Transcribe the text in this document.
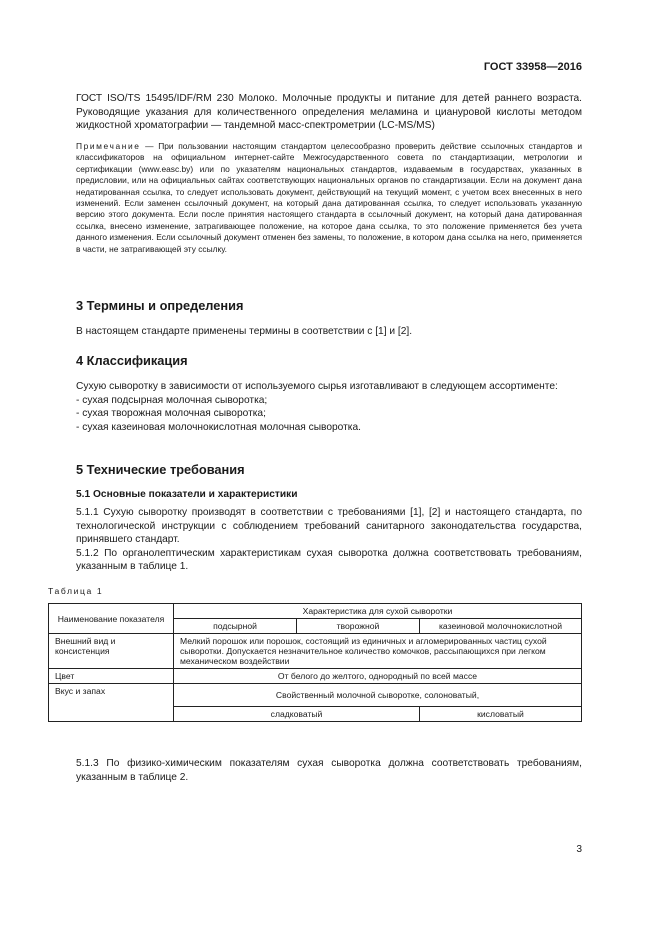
ГОСТ 33958—2016

ГОСТ ISO/TS 15495/IDF/RM 230 Молоко. Молочные продукты и питание для детей раннего возраста. Руководящие указания для количественного определения меламина и циануровой кислоты методом жидкостной хроматографии — тандемной масс-спектрометрии (LC-MS/MS)

Примечание — При пользовании настоящим стандартом целесообразно проверить действие ссылочных стандартов и классификаторов на официальном интернет-сайте Межгосударственного совета по стандартизации, метрологии и сертификации (www.easc.by) или по указателям национальных стандартов, издаваемым в государствах, указанных в предисловии, или на официальных сайтах соответствующих национальных органов по стандартизации. Если на документ дана недатированная ссылка, то следует использовать документ, действующий на текущий момент, с учетом всех внесенных в него изменений. Если заменен ссылочный документ, на который дана датированная ссылка, то следует использовать указанную версию этого документа. Если после принятия настоящего стандарта в ссылочный документ, на который дана датированная ссылка, внесено изменение, затрагивающее положение, на которое дана ссылка, то это положение применяется без учета данного изменения. Если ссылочный документ отменен без замены, то положение, в котором дана ссылка на него, применяется в части, не затрагивающей эту ссылку.

3 Термины и определения

В настоящем стандарте применены термины в соответствии с [1] и [2].

4 Классификация

Сухую сыворотку в зависимости от используемого сырья изготавливают в следующем ассортименте:

- сухая подсырная молочная сыворотка;
- сухая творожная молочная сыворотка;
- сухая казеиновая молочнокислотная молочная сыворотка.

5 Технические требования

5.1 Основные показатели и характеристики

5.1.1 Сухую сыворотку производят в соответствии с требованиями [1], [2] и настоящего стандарта, по технологической инструкции с соблюдением требований санитарного законодательства государства, принявшего стандарт.

5.1.2 По органолептическим характеристикам сухая сыворотка должна соответствовать требованиям, указанным в таблице 1.

Таблица 1
Наименование показателя	Характеристика для сухой сыворотки		
	подсырной	творожной	казеиновой молочнокислотной
Внешний вид и консистенция	Мелкий порошок или порошок, состоящий из единичных и агломерированных частиц сухой сыворотки. Допускается незначительное количество комочков, рассыпающихся при легком механическом воздействии		
Цвет	От белого до желтого, однородный по всей массе		
Вкус и запах	Свойственный молочной сыворотке, солоноватый,		
	сладковатый		кисловатый

5.1.3 По физико-химическим показателям сухая сыворотка должна соответствовать требованиям, указанным в таблице 2.

3
